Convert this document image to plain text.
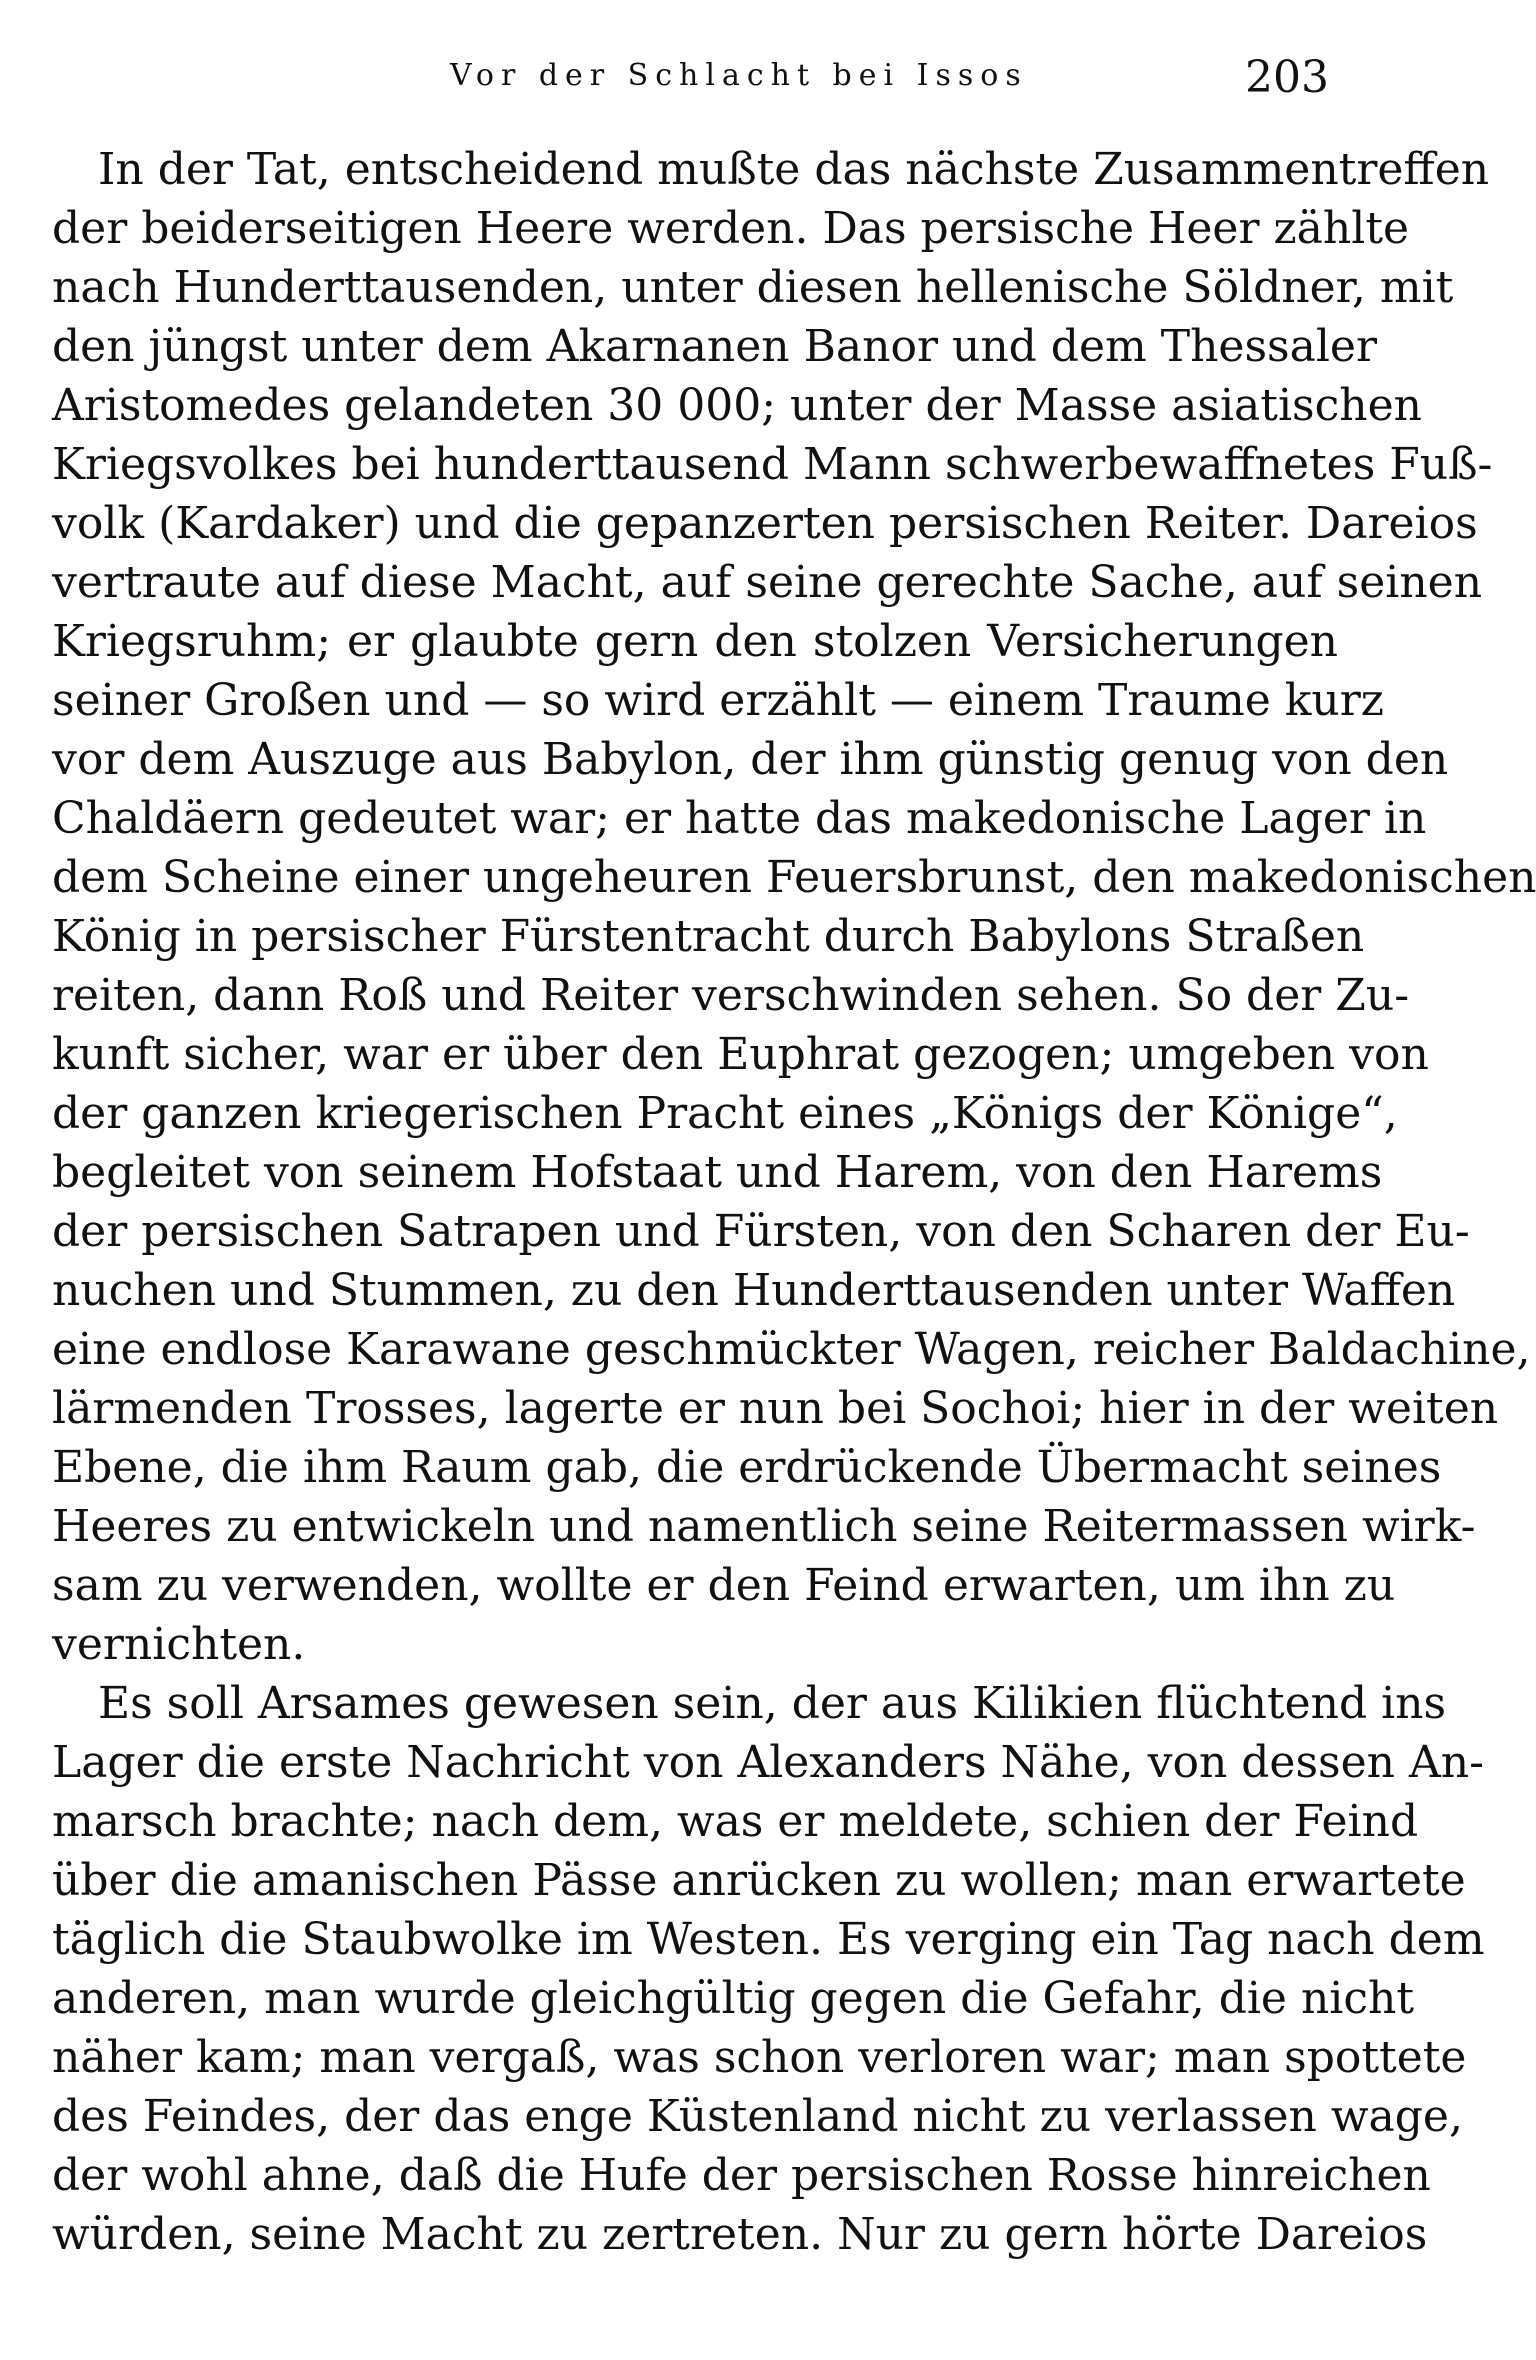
Vor der Schlacht bei Issos	203
In der Tat, entscheidend mußte das nächste Zusammentreffen
der beiderseitigen Heere werden. Das persische Heer zählte
nach Hunderttausenden, unter diesen hellenische Söldner, mit
den jüngst unter dem Akarnanen Banor und dem Thessaler
Aristomedes gelandeten 30 000; unter der Masse asiatischen
Kriegsvolkes bei hunderttausend Mann schwerbewaffnetes Fuß-
volk (Kardaker) und die gepanzerten persischen Reiter. Dareios
vertraute auf diese Macht, auf seine gerechte Sache, auf seinen
Kriegsruhm; er glaubte gern den stolzen Versicherungen
seiner Großen und — so wird erzählt — einem Traume kurz
vor dem Auszuge aus Babylon, der ihm günstig genug von den
Chaldäern gedeutet war; er hatte das makedonische Lager in
dem Scheine einer ungeheuren Feuersbrunst, den makedonischen
König in persischer Fürstentracht durch Babylons Straßen
reiten, dann Roß und Reiter verschwinden sehen. So der Zu-
kunft sicher, war er über den Euphrat gezogen; umgeben von
der ganzen kriegerischen Pracht eines „Königs der Könige“,
begleitet von seinem Hofstaat und Harem, von den Harems
der persischen Satrapen und Fürsten, von den Scharen der Eu-
nuchen und Stummen, zu den Hunderttausenden unter Waffen
eine endlose Karawane geschmückter Wagen, reicher Baldachine,
lärmenden Trosses, lagerte er nun bei Sochoi; hier in der weiten
Ebene, die ihm Raum gab, die erdrückende Übermacht seines
Heeres zu entwickeln und namentlich seine Reitermassen wirk-
sam zu verwenden, wollte er den Feind erwarten, um ihn zu
vernichten.
Es soll Arsames gewesen sein, der aus Kilikien flüchtend ins
Lager die erste Nachricht von Alexanders Nähe, von dessen An-
marsch brachte; nach dem, was er meldete, schien der Feind
über die amanischen Pässe anrücken zu wollen; man erwartete
täglich die Staubwolke im Westen. Es verging ein Tag nach dem
anderen, man wurde gleichgültig gegen die Gefahr, die nicht
näher kam; man vergaß, was schon verloren war; man spottete
des Feindes, der das enge Küstenland nicht zu verlassen wage,
der wohl ahne, daß die Hufe der persischen Rosse hinreichen
würden, seine Macht zu zertreten. Nur zu gern hörte Dareios
